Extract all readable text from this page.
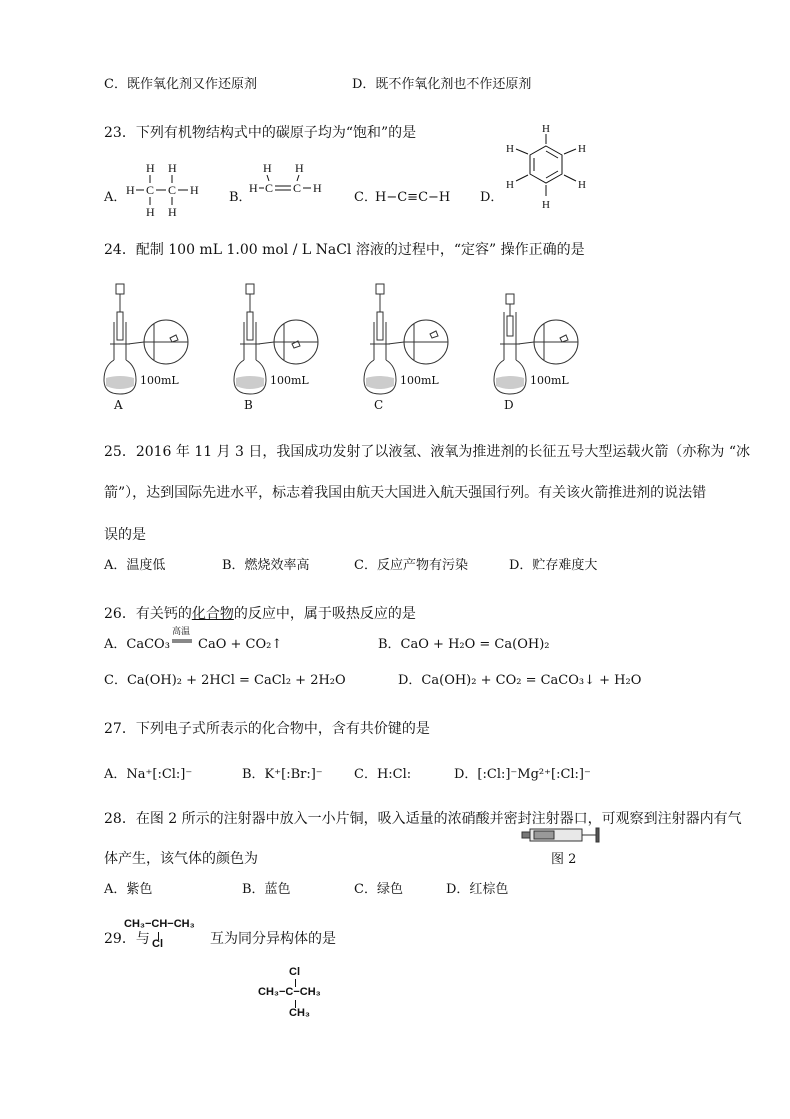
C．既作氧化剂又作还原剂	D．既不作氧化剂也不作还原剂
23．下列有机物结构式中的碳原子均为“饱和”的是
A．
H H
H C C H
H H
B．
H H
H C C H
C．
H−C≡C−H D．
H
H	H
H	H
H
24．配制 100 mL 1.00 mol / L NaCl 溶液的过程中，“定容” 操作正确的是
100mL
A
100mL
B
100mL
C
100mL
D
25．2016 年 11 月 3 日，我国成功发射了以液氢、液氧为推进剂的长征五号大型运载火箭（亦称为 “冰
箭”），达到国际先进水平，标志着我国由航天大国进入航天强国行列。有关该火箭推进剂的说法错
误的是
A．温度低	B．燃烧效率高	C．反应产物有污染	D．贮存难度大
26．有关钙的化合物的反应中，属于吸热反应的是
A．CaCO₃
高温
CaO + CO₂↑	B．CaO + H₂O = Ca(OH)₂
C．Ca(OH)₂ + 2HCl = CaCl₂ + 2H₂O	D．Ca(OH)₂ + CO₂ = CaCO₃↓ + H₂O
27．下列电子式所表示的化合物中，含有共价键的是
A．Na⁺[:Cl:]⁻	B．K⁺[:Br:]⁻ C．H:Cl:	D．[:Cl:]⁻Mg²⁺[:Cl:]⁻
28．在图 2 所示的注射器中放入一小片铜，吸入适量的浓硝酸并密封注射器口，可观察到注射器内有气
图 2
体产生，该气体的颜色为
A．紫色	B．蓝色	C．绿色	D．红棕色
29．与
CH₃−CH−CH₃
Cl	互为同分异构体的是
Cl
CH₃−C−CH₃
CH₃
